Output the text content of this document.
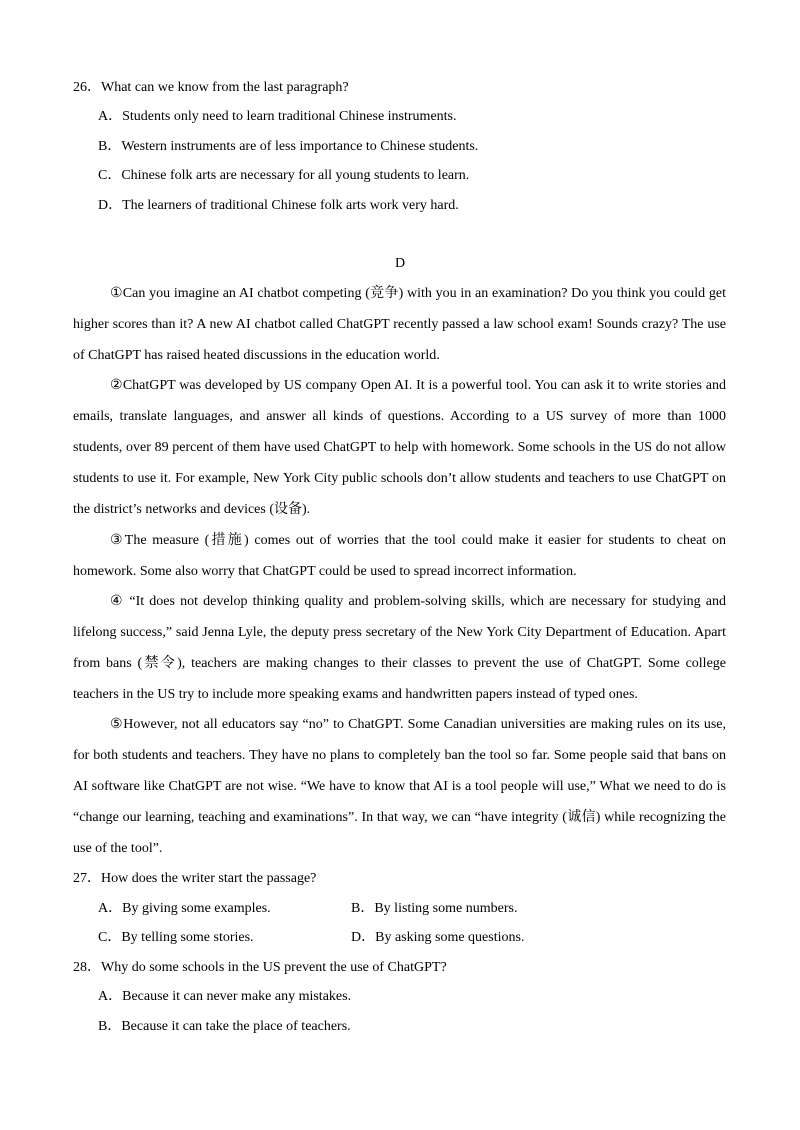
26．What can we know from the last paragraph?
A．Students only need to learn traditional Chinese instruments.
B．Western instruments are of less importance to Chinese students.
C．Chinese folk arts are necessary for all young students to learn.
D．The learners of traditional Chinese folk arts work very hard.
D
①Can you imagine an AI chatbot competing (竞争) with you in an examination? Do you think you could get
higher scores than it? A new AI chatbot called ChatGPT recently passed a law school exam! Sounds crazy? The use
of ChatGPT has raised heated discussions in the education world.
②ChatGPT was developed by US company Open AI. It is a powerful tool. You can ask it to write stories and
emails, translate languages, and answer all kinds of questions. According to a US survey of more than 1000
students, over 89 percent of them have used ChatGPT to help with homework. Some schools in the US do not allow
students to use it. For example, New York City public schools don’t allow students and teachers to use ChatGPT on
the district’s networks and devices (设备).
③The measure (措施) comes out of worries that the tool could make it easier for students to cheat on
homework. Some also worry that ChatGPT could be used to spread incorrect information.
④ “It does not develop thinking quality and problem-solving skills, which are necessary for studying and
lifelong success,” said Jenna Lyle, the deputy press secretary of the New York City Department of Education. Apart
from bans (禁令), teachers are making changes to their classes to prevent the use of ChatGPT. Some college
teachers in the US try to include more speaking exams and handwritten papers instead of typed ones.
⑤However, not all educators say “no” to ChatGPT. Some Canadian universities are making rules on its use,
for both students and teachers. They have no plans to completely ban the tool so far. Some people said that bans on
AI software like ChatGPT are not wise. “We have to know that AI is a tool people will use,” What we need to do is
“change our learning, teaching and examinations”. In that way, we can “have integrity (诚信) while recognizing the
use of the tool”.
27．How does the writer start the passage?
A．By giving some examples.	B．By listing some numbers.
C．By telling some stories.	D．By asking some questions.
28．Why do some schools in the US prevent the use of ChatGPT?
A．Because it can never make any mistakes.
B．Because it can take the place of teachers.
